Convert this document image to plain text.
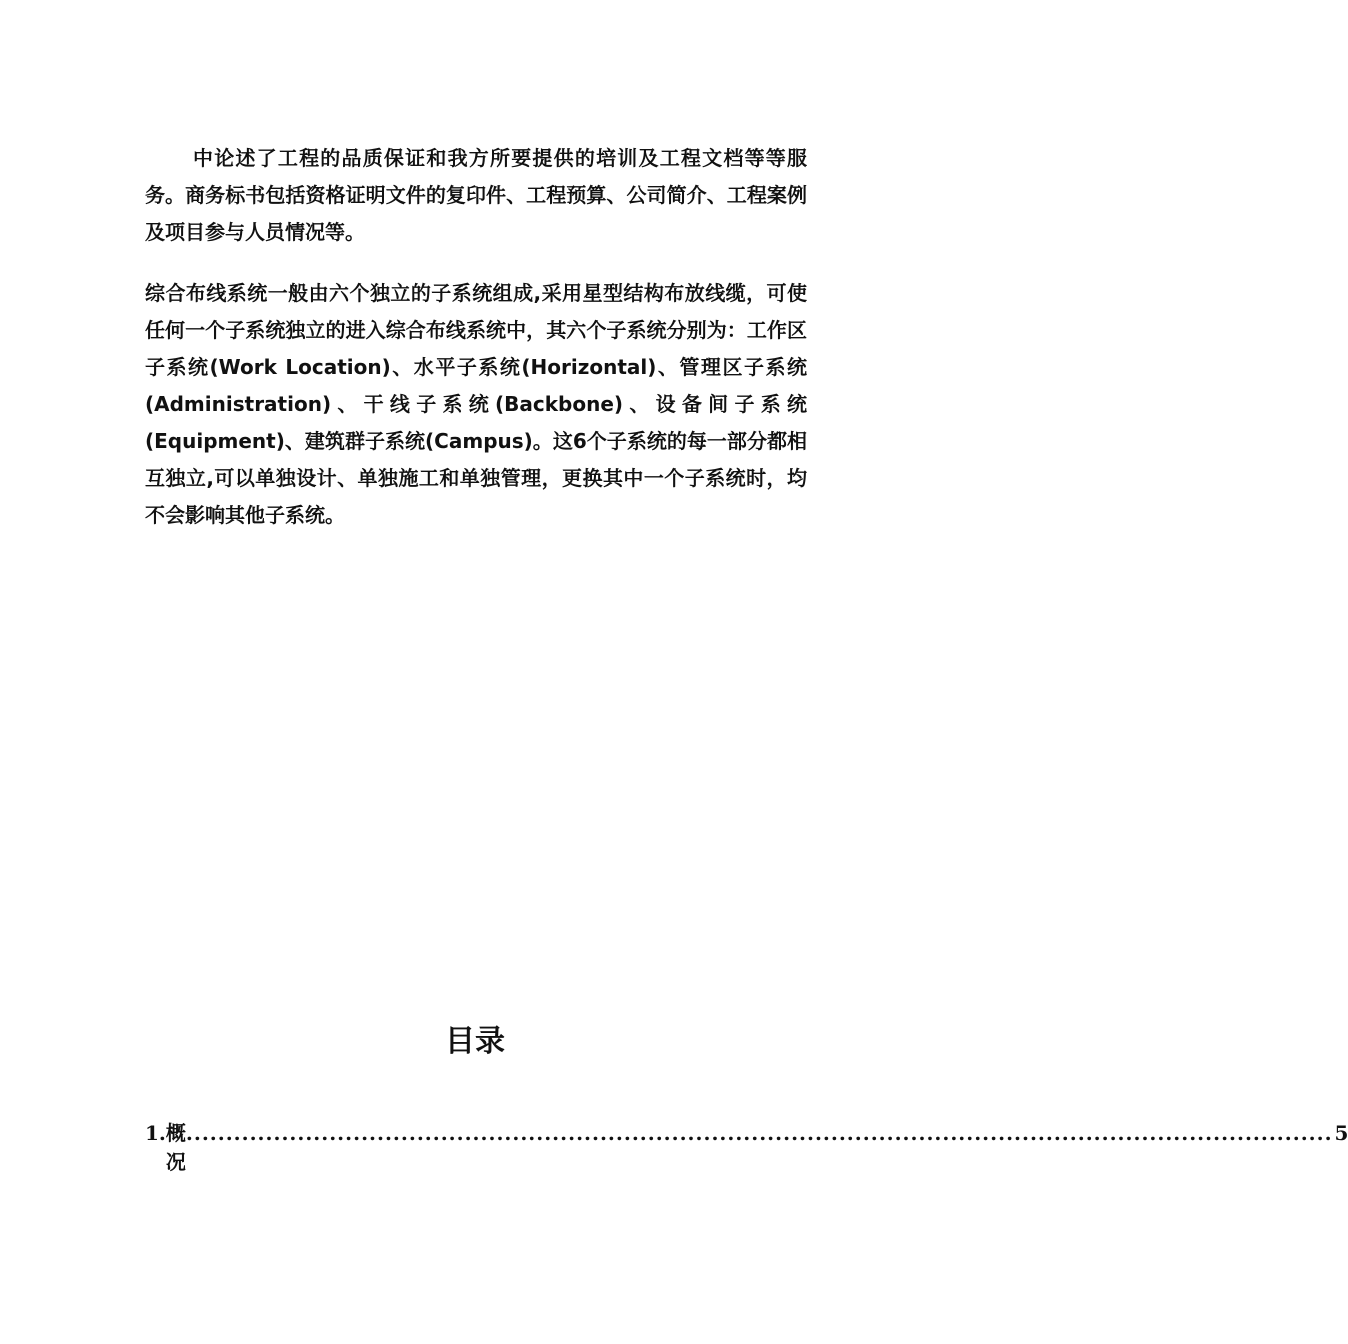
中论述了工程的品质保证和我方所要提供的培训及工程文档等等服务。商务标书包括资格证明文件的复印件、工程预算、公司简介、工程案例及项目参与人员情况等。

综合布线系统一般由六个独立的子系统组成,采用星型结构布放线缆，可使任何一个子系统独立的进入综合布线系统中，其六个子系统分别为：工作区子系统(Work Location)、水平子系统(Horizontal)、管理区子系统(Administration)、干线子系统(Backbone)、设备间子系统(Equipment)、建筑群子系统(Campus)。这6个子系统的每一部分都相互独立,可以单独设计、单独施工和单独管理，更换其中一个子系统时，均不会影响其他子系统。

目录
1. 概况
................................................................................................................................................ 5
